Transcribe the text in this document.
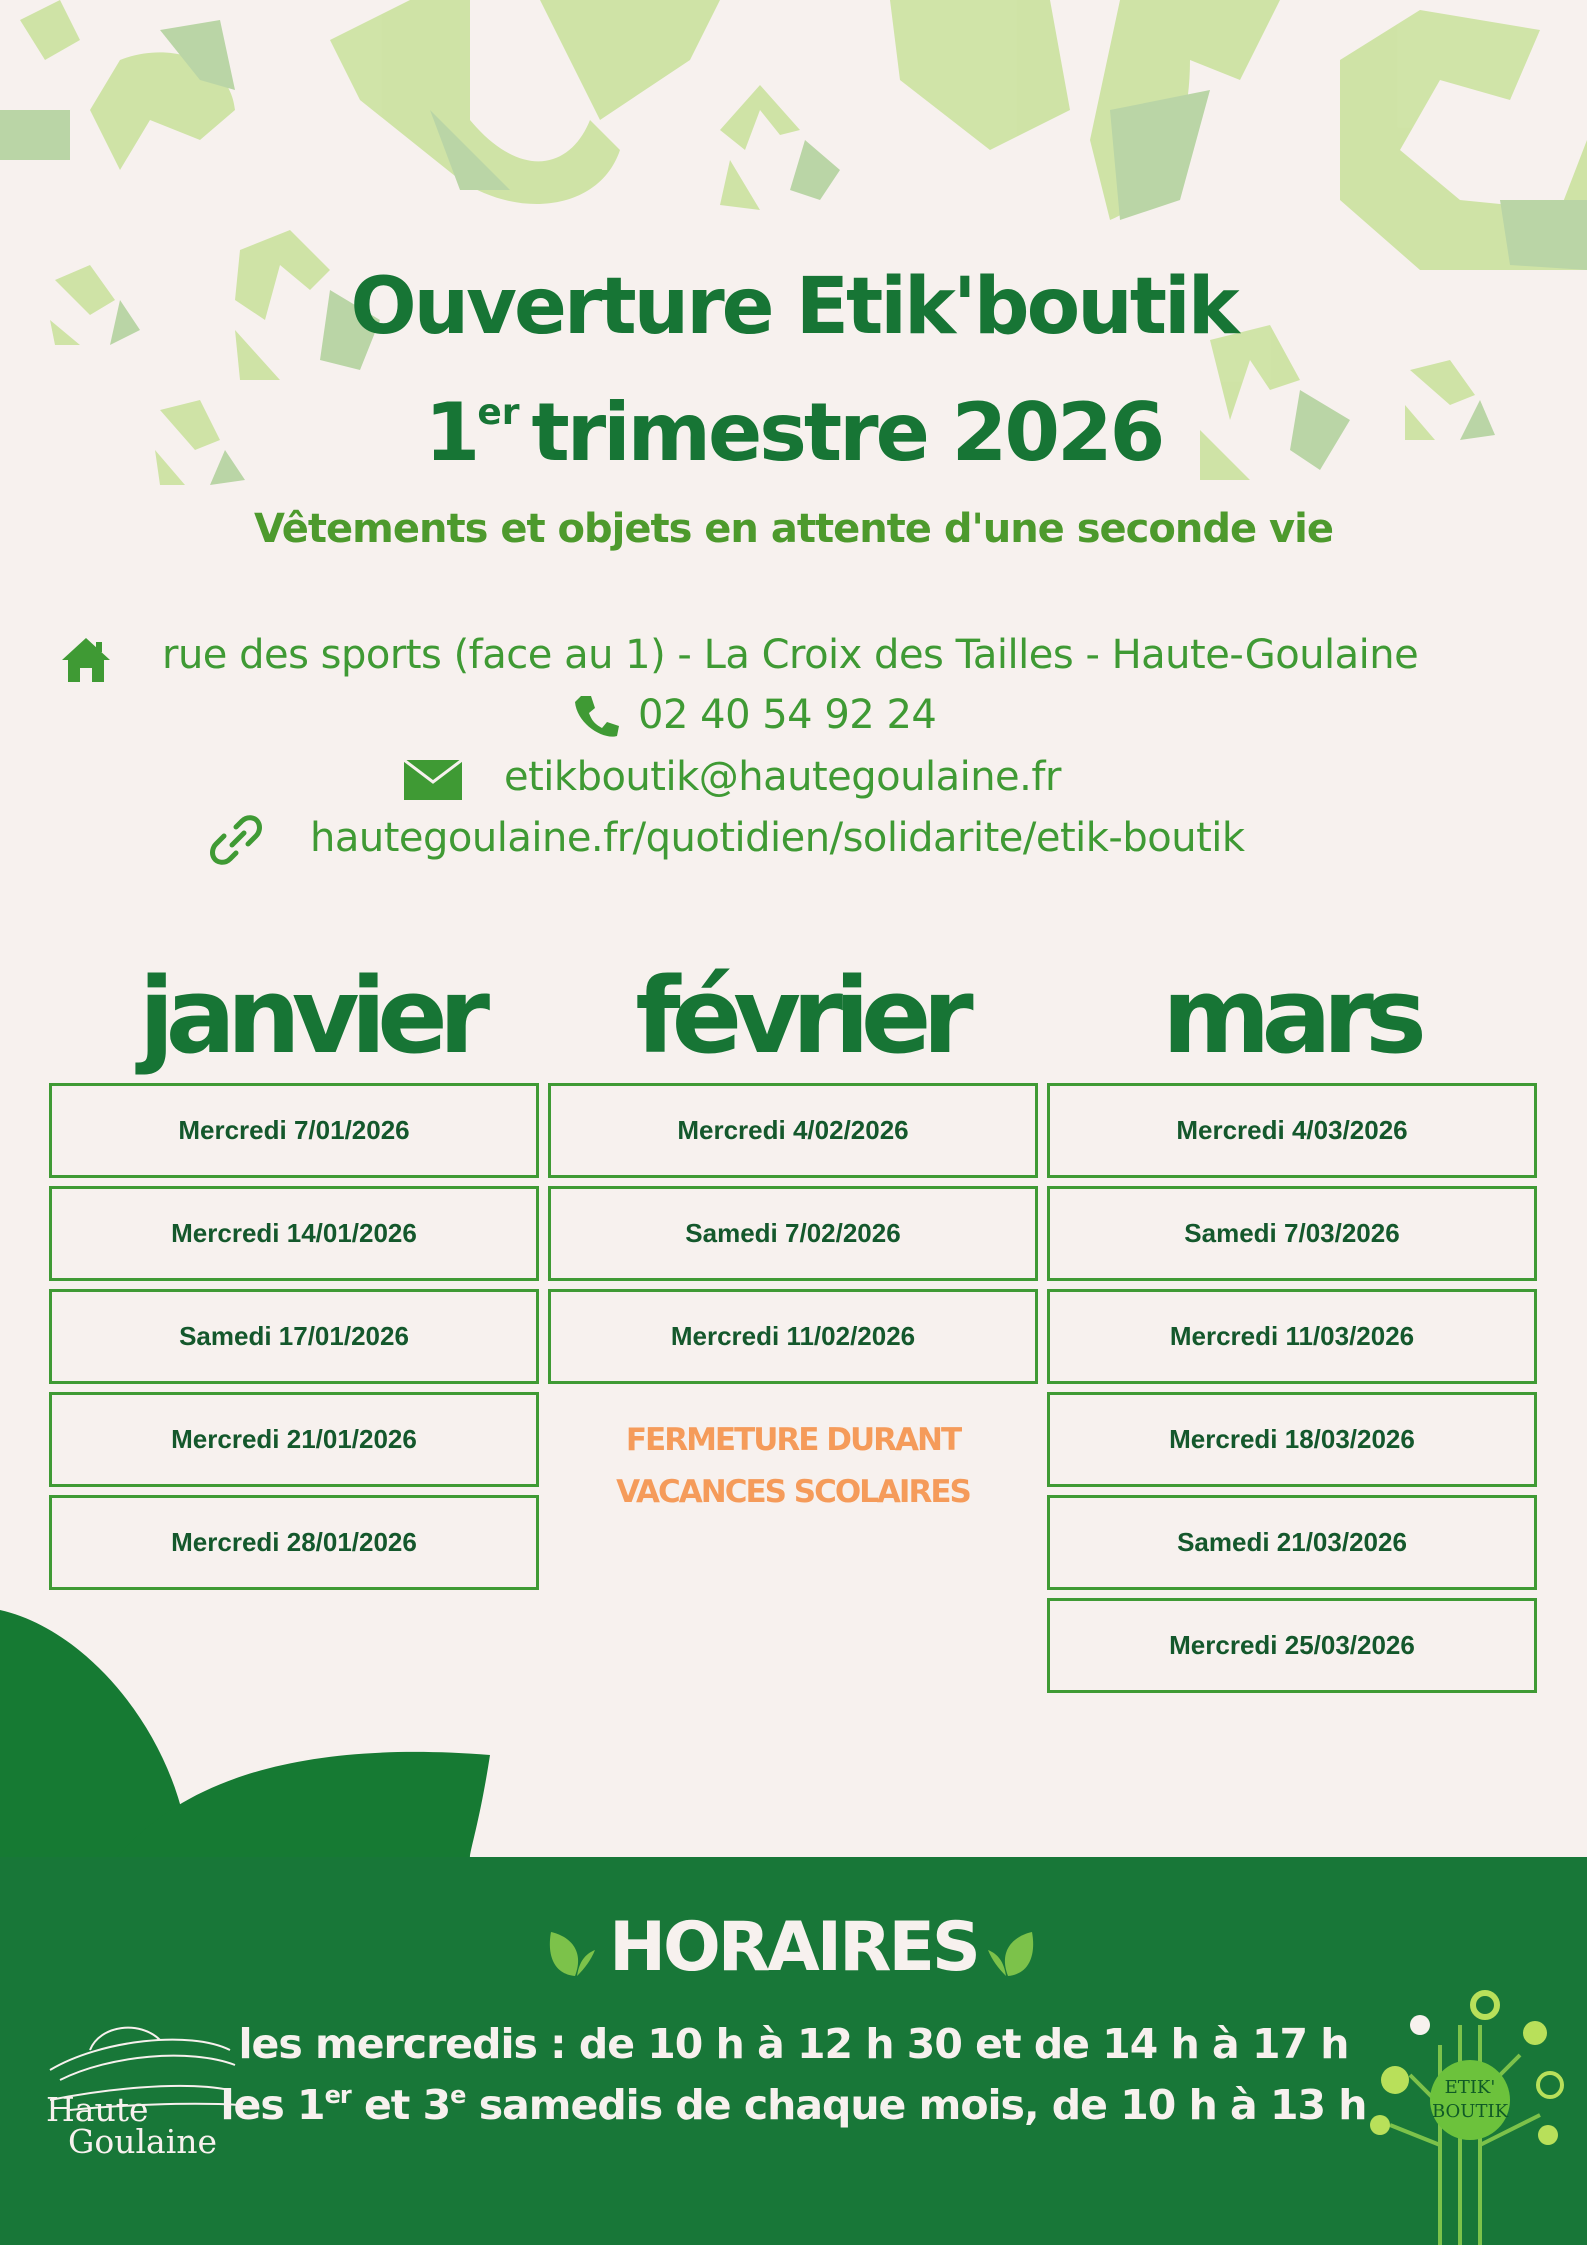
Ouverture Etik'boutik
1er trimestre 2026
Vêtements et objets en attente d'une seconde vie
rue des sports (face au 1) - La Croix des Tailles - Haute-Goulaine
02 40 54 92 24
etikboutik@hautegoulaine.fr
hautegoulaine.fr/quotidien/solidarite/etik-boutik
janvier	février	mars
Mercredi 7/01/2026
Mercredi 14/01/2026
Samedi 17/01/2026
Mercredi 21/01/2026
Mercredi 28/01/2026
Mercredi 4/02/2026
Samedi 7/02/2026
Mercredi 11/02/2026
FERMETURE DURANT
VACANCES SCOLAIRES
Mercredi 4/03/2026
Samedi 7/03/2026
Mercredi 11/03/2026
Mercredi 18/03/2026
Samedi 21/03/2026
Mercredi 25/03/2026
HORAIRES
les mercredis : de 10 h à 12 h 30 et de 14 h à 17 h
les 1er et 3e samedis de chaque mois, de 10 h à 13 h
Haute
Goulaine
ETIK'
BOUTIK
